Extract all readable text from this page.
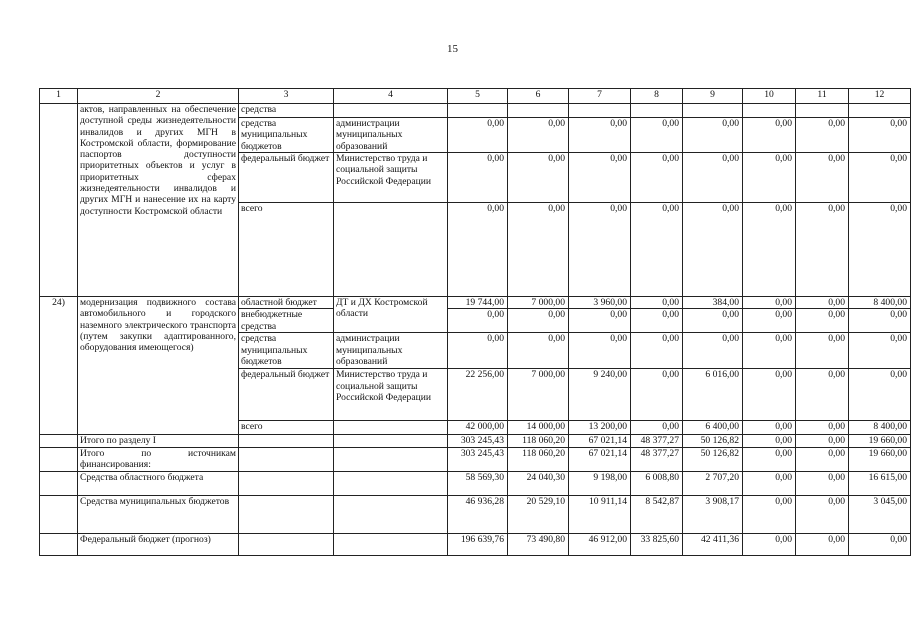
15
1	2	3	4	5	6	7	8	9	10	11	12
	актов, направленных на обеспечение доступной среды жизнедеятельности инвалидов и других МГН в Костромской области, формирование паспортов доступности приоритетных объектов и услуг в приоритетных сферах жизнедеятельности инвалидов и других МГН и нанесение их на карту доступности Костромской области	средства									
		средства муниципальных бюджетов	администрации муниципальных образований	0,00	0,00	0,00	0,00	0,00	0,00	0,00	0,00
		федеральный бюджет	Министерство труда и социальной защиты Российской Федерации	0,00	0,00	0,00	0,00	0,00	0,00	0,00	0,00
		всего		0,00	0,00	0,00	0,00	0,00	0,00	0,00	0,00
24)	модернизация подвижного состава автомобильного и городского наземного электрического транспорта (путем закупки адаптированного, оборудования имеющегося)	областной бюджет	ДТ и ДХ Костромской области	19 744,00	7 000,00	3 960,00	0,00	384,00	0,00	0,00	8 400,00
		внебюджетные средства		0,00	0,00	0,00	0,00	0,00	0,00	0,00	0,00
		средства муниципальных бюджетов	администрации муниципальных образований	0,00	0,00	0,00	0,00	0,00	0,00	0,00	0,00
		федеральный бюджет	Министерство труда и социальной защиты Российской Федерации	22 256,00	7 000,00	9 240,00	0,00	6 016,00	0,00	0,00	0,00
		всего		42 000,00	14 000,00	13 200,00	0,00	6 400,00	0,00	0,00	8 400,00
	Итого по разделу I			303 245,43	118 060,20	67 021,14	48 377,27	50 126,82	0,00	0,00	19 660,00
	Итого по источникам финансирования:			303 245,43	118 060,20	67 021,14	48 377,27	50 126,82	0,00	0,00	19 660,00
	Средства областного бюджета			58 569,30	24 040,30	9 198,00	6 008,80	2 707,20	0,00	0,00	16 615,00
	Средства муниципальных бюджетов			46 936,28	20 529,10	10 911,14	8 542,87	3 908,17	0,00	0,00	3 045,00
	Федеральный бюджет (прогноз)			196 639,76	73 490,80	46 912,00	33 825,60	42 411,36	0,00	0,00	0,00
